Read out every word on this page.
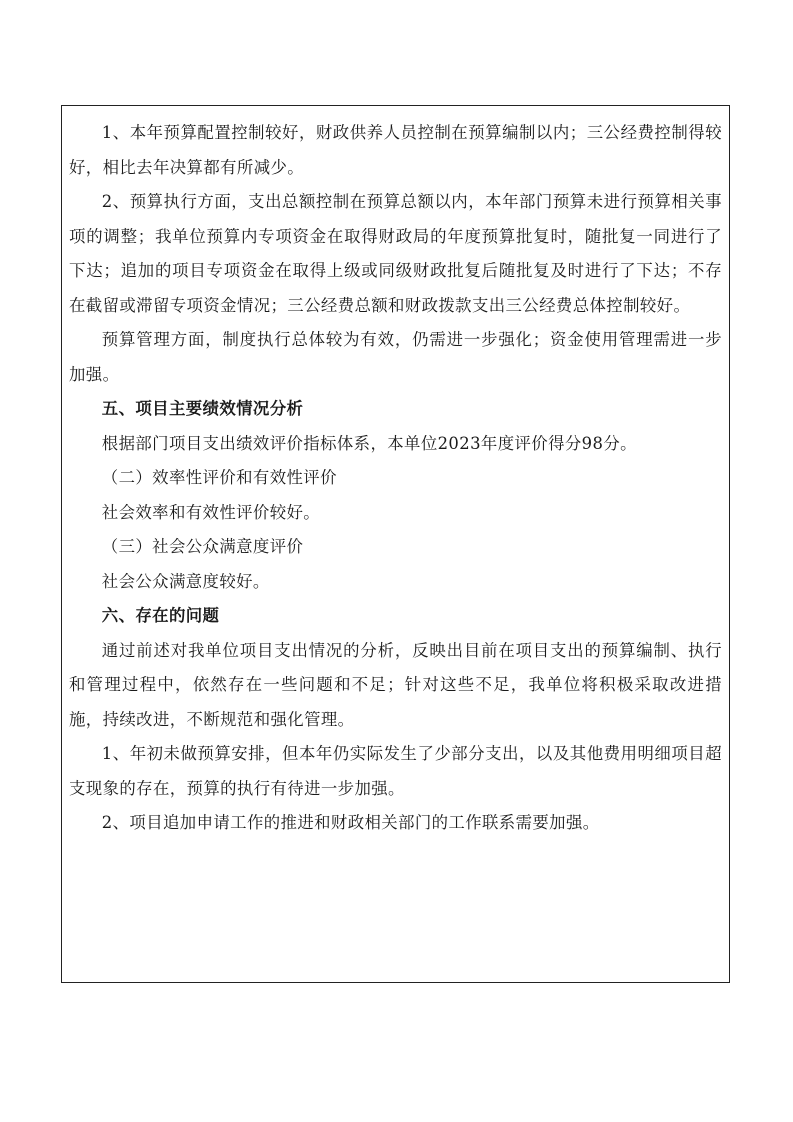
1、本年预算配置控制较好，财政供养人员控制在预算编制以内；三公经费控制得较好，相比去年决算都有所减少。

2、预算执行方面，支出总额控制在预算总额以内，本年部门预算未进行预算相关事项的调整；我单位预算内专项资金在取得财政局的年度预算批复时，随批复一同进行了下达；追加的项目专项资金在取得上级或同级财政批复后随批复及时进行了下达；不存在截留或滞留专项资金情况；三公经费总额和财政拨款支出三公经费总体控制较好。

预算管理方面，制度执行总体较为有效，仍需进一步强化；资金使用管理需进一步加强。

五、项目主要绩效情况分析

根据部门项目支出绩效评价指标体系，本单位2023年度评价得分98分。

（二）效率性评价和有效性评价

社会效率和有效性评价较好。

（三）社会公众满意度评价

社会公众满意度较好。

六、存在的问题

通过前述对我单位项目支出情况的分析，反映出目前在项目支出的预算编制、执行和管理过程中，依然存在一些问题和不足；针对这些不足，我单位将积极采取改进措施，持续改进，不断规范和强化管理。

1、年初未做预算安排，但本年仍实际发生了少部分支出，以及其他费用明细项目超支现象的存在，预算的执行有待进一步加强。

2、项目追加申请工作的推进和财政相关部门的工作联系需要加强。
